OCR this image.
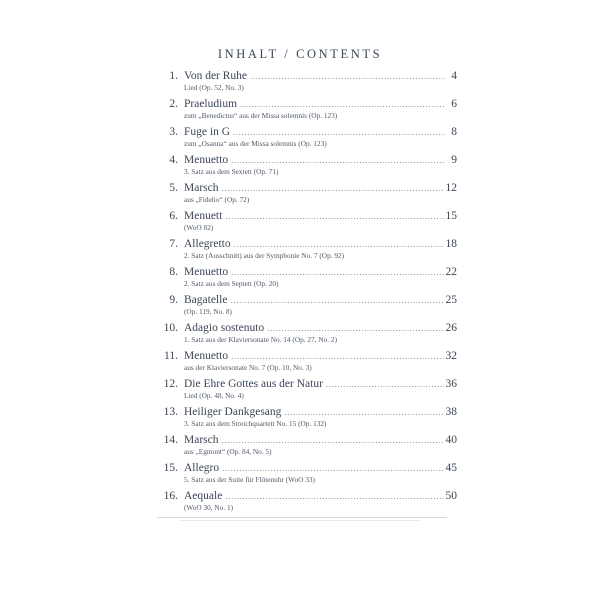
INHALT / CONTENTS
1. Von der Ruhe .....	4
Lied (Op. 52, No. 3)
2. Praeludium .....	6
zum „Benedictus“ aus der Missa solemnis (Op. 123)
3. Fuge in G .....	8
zum „Osanna“ aus der Missa solemnis (Op. 123)
4. Menuetto .....	9
3. Satz aus dem Sextett (Op. 71)
5. Marsch .....	12
aus „Fidelio“ (Op. 72)
6. Menuett .....	15
(WoO 82)
7. Allegretto .....	18
2. Satz (Ausschnitt) aus der Symphonie No. 7 (Op. 92)
8. Menuetto .....	22
2. Satz aus dem Septett (Op. 20)
9. Bagatelle .....	25
(Op. 119, No. 8)
10. Adagio sostenuto .....	26
1. Satz aus der Klaviersonate No. 14 (Op. 27, No. 2)
11. Menuetto .....	32
aus der Klaviersonate No. 7 (Op. 10, No. 3)
12. Die Ehre Gottes aus der Natur .....	36
Lied (Op. 48, No. 4)
13. Heiliger Dankgesang .....	38
3. Satz aus dem Streichquartett No. 15 (Op. 132)
14. Marsch .....	40
aus „Egmont“ (Op. 84, No. 5)
15. Allegro .....	45
5. Satz aus der Suite für Flötenuhr (WoO 33)
16. Aequale .....	50
(WoO 30, No. 1)
